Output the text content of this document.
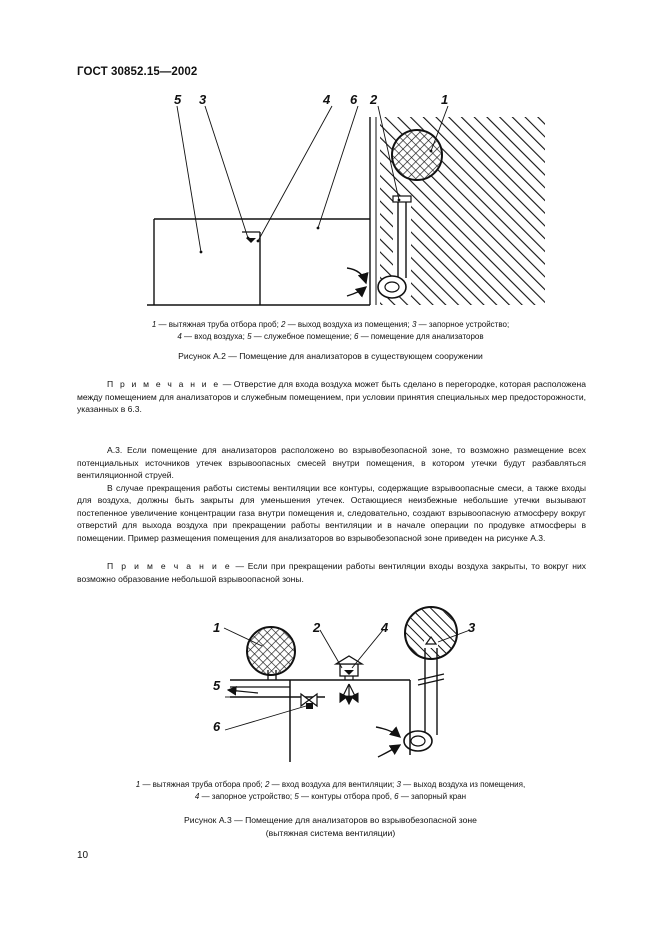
ГОСТ 30852.15—2002
5 3	4 6 2	1
1 — вытяжная труба отбора проб; 2 — выход воздуха из помещения; 3 — запорное устройство;
4 — вход воздуха; 5 — служебное помещение; 6 — помещение для анализаторов
Рисунок А.2 — Помещение для анализаторов в существующем сооружении

П р и м е ч а н и е — Отверстие для входа воздуха может быть сделано в перегородке, которая расположена между помещением для анализаторов и служебным помещением, при условии принятия специальных мер предосторожности, указанных в 6.3.

А.3. Если помещение для анализаторов расположено во взрывобезопасной зоне, то возможно размещение всех потенциальных источников утечек взрывоопасных смесей внутри помещения, в котором утечки будут разбавляться вентиляционной струей.

В случае прекращения работы системы вентиляции все контуры, содержащие взрывоопасные смеси, а также входы для воздуха, должны быть закрыты для уменьшения утечек. Остающиеся неизбежные небольшие утечки вызывают постепенное увеличение концентрации газа внутри помещения и, следовательно, создают взрывоопасную атмосферу вокруг отверстий для выхода воздуха при прекращении работы вентиляции и в начале операции по продувке атмосферы в помещении. Пример размещения помещения для анализаторов во взрывобезопасной зоне приведен на рисунке А.3.

П р и м е ч а н и е — Если при прекращении работы вентиляции входы воздуха закрыты, то вокруг них возможно образование небольшой взрывоопасной зоны.

1	2	4	3
5
6
1 — вытяжная труба отбора проб; 2 — вход воздуха для вентиляции; 3 — выход воздуха из помещения,
4 — запорное устройство; 5 — контуры отбора проб, 6 — запорный кран
Рисунок А.3 — Помещение для анализаторов во взрывобезопасной зоне
(вытяжная система вентиляции)
10
